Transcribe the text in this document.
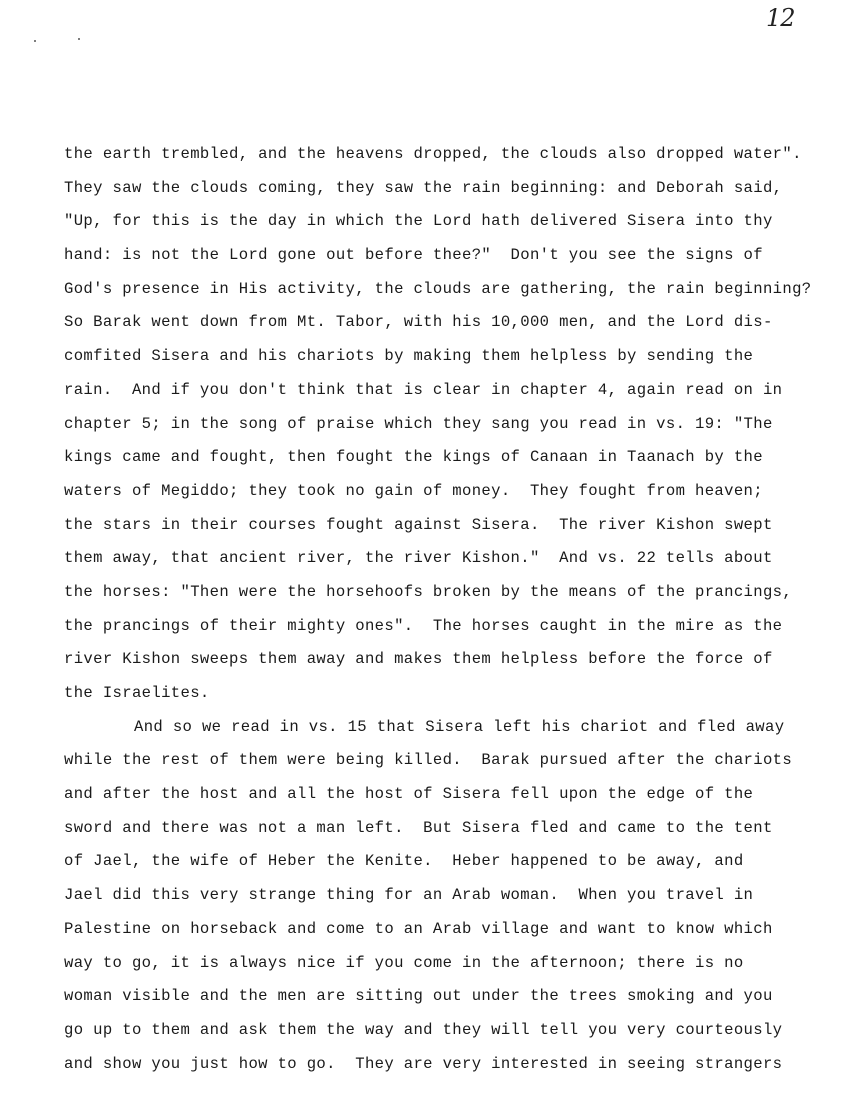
12
the earth trembled, and the heavens dropped, the clouds also dropped water".
They saw the clouds coming, they saw the rain beginning: and Deborah said,
"Up, for this is the day in which the Lord hath delivered Sisera into thy
hand: is not the Lord gone out before thee?"  Don't you see the signs of
God's presence in His activity, the clouds are gathering, the rain beginning?
So Barak went down from Mt. Tabor, with his 10,000 men, and the Lord dis-
comfited Sisera and his chariots by making them helpless by sending the
rain.  And if you don't think that is clear in chapter 4, again read on in
chapter 5; in the song of praise which they sang you read in vs. 19: "The
kings came and fought, then fought the kings of Canaan in Taanach by the
waters of Megiddo; they took no gain of money.  They fought from heaven;
the stars in their courses fought against Sisera.  The river Kishon swept
them away, that ancient river, the river Kishon."  And vs. 22 tells about
the horses: "Then were the horsehoofs broken by the means of the prancings,
the prancings of their mighty ones".  The horses caught in the mire as the
river Kishon sweeps them away and makes them helpless before the force of
the Israelites.
And so we read in vs. 15 that Sisera left his chariot and fled away
while the rest of them were being killed.  Barak pursued after the chariots
and after the host and all the host of Sisera fell upon the edge of the
sword and there was not a man left.  But Sisera fled and came to the tent
of Jael, the wife of Heber the Kenite.  Heber happened to be away, and
Jael did this very strange thing for an Arab woman.  When you travel in
Palestine on horseback and come to an Arab village and want to know which
way to go, it is always nice if you come in the afternoon; there is no
woman visible and the men are sitting out under the trees smoking and you
go up to them and ask them the way and they will tell you very courteously
and show you just how to go.  They are very interested in seeing strangers
